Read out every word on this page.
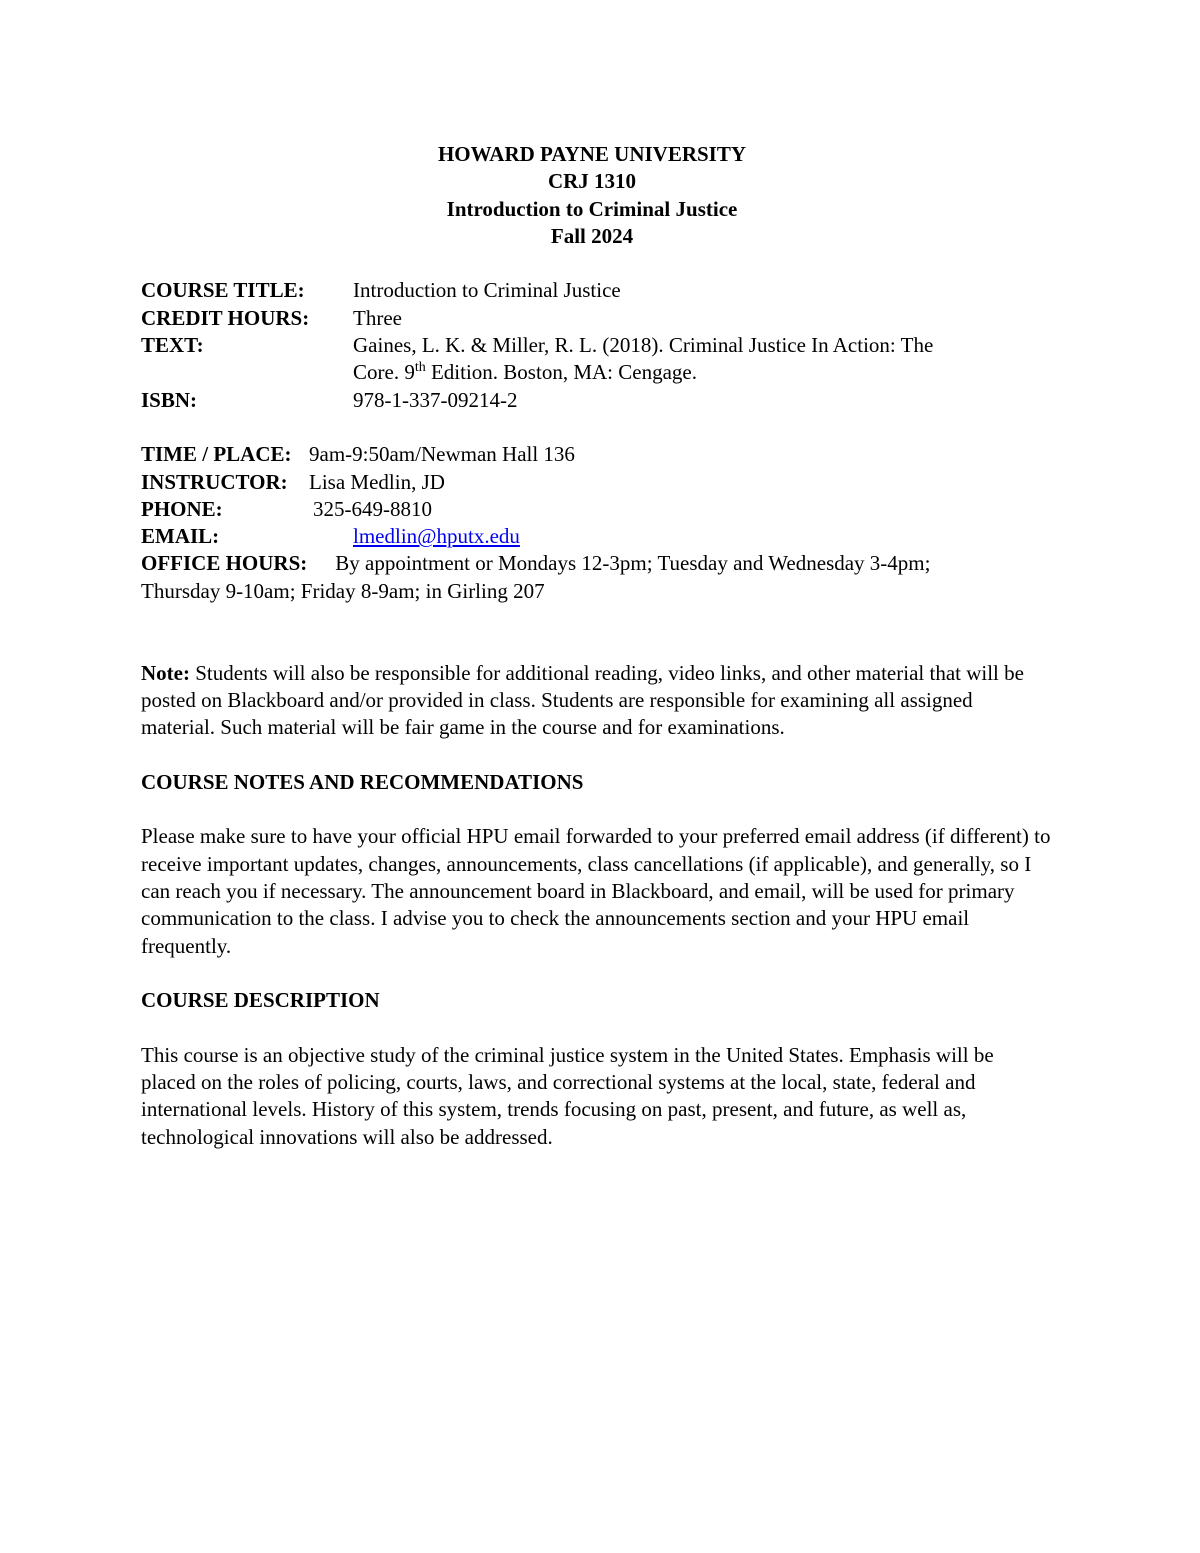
HOWARD PAYNE UNIVERSITY
CRJ 1310
Introduction to Criminal Justice
Fall 2024
COURSE TITLE: Introduction to Criminal Justice
CREDIT HOURS: Three
TEXT:	Gaines, L. K. & Miller, R. L. (2018). Criminal Justice In Action: The
Core. 9th Edition. Boston, MA: Cengage.
ISBN:	978-1-337-09214-2
TIME / PLACE: 9am-9:50am/Newman Hall 136
INSTRUCTOR: Lisa Medlin, JD
PHONE:	325-649-8810
EMAIL:	lmedlin@hputx.edu
OFFICE HOURS: By appointment or Mondays 12-3pm; Tuesday and Wednesday 3-4pm;
Thursday 9-10am; Friday 8-9am; in Girling 207

Note: Students will also be responsible for additional reading, video links, and other material that will be posted on Blackboard and/or provided in class. Students are responsible for examining all assigned material. Such material will be fair game in the course and for examinations.

COURSE NOTES AND RECOMMENDATIONS

Please make sure to have your official HPU email forwarded to your preferred email address (if different) to receive important updates, changes, announcements, class cancellations (if applicable), and generally, so I can reach you if necessary. The announcement board in Blackboard, and email, will be used for primary communication to the class. I advise you to check the announcements section and your HPU email frequently.

COURSE DESCRIPTION

This course is an objective study of the criminal justice system in the United States. Emphasis will be placed on the roles of policing, courts, laws, and correctional systems at the local, state, federal and international levels. History of this system, trends focusing on past, present, and future, as well as, technological innovations will also be addressed.
